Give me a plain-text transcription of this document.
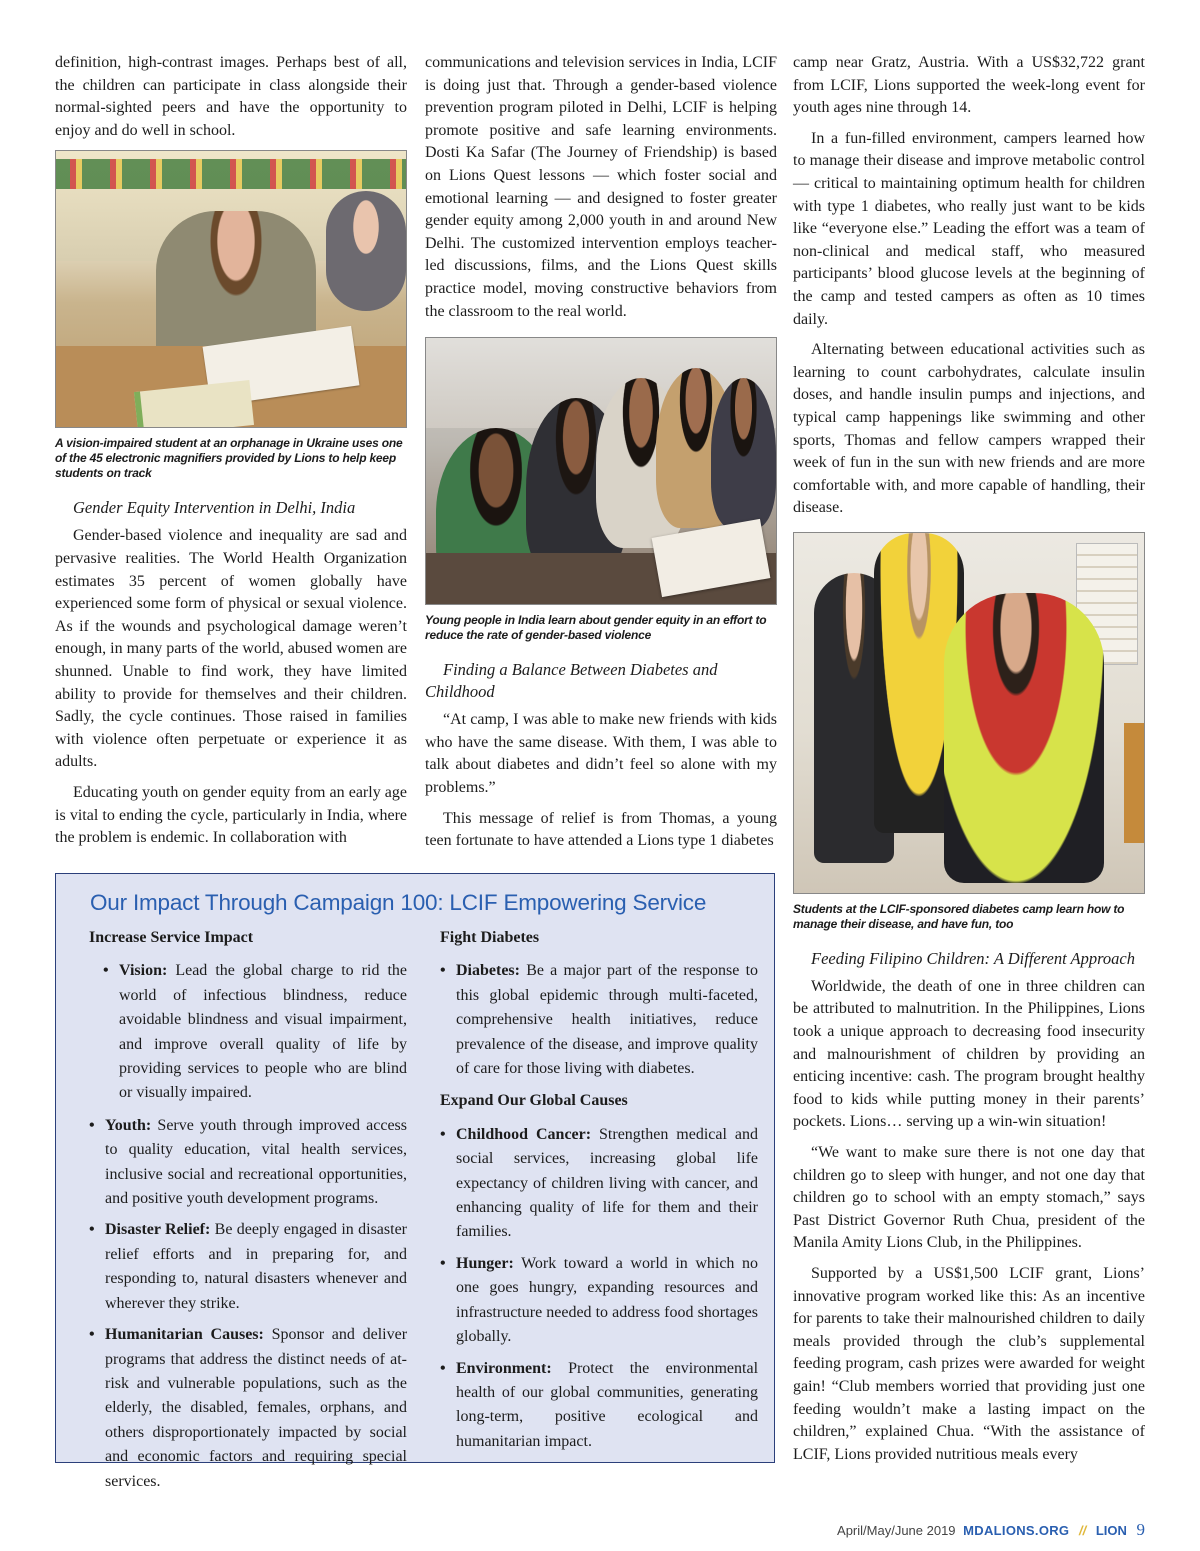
definition, high-contrast images. Perhaps best of all, the children can participate in class alongside their normal-sighted peers and have the opportunity to enjoy and do well in school.

A vision-impaired student at an orphanage in Ukraine uses one of the 45 electronic magnifiers provided by Lions to help keep students on track
Gender Equity Intervention in Delhi, India

Gender-based violence and inequality are sad and pervasive realities. The World Health Organization estimates 35 percent of women globally have experienced some form of physical or sexual violence. As if the wounds and psychological damage weren’t enough, in many parts of the world, abused women are shunned. Unable to find work, they have limited ability to provide for themselves and their children. Sadly, the cycle continues. Those raised in families with violence often perpetuate or experience it as adults.

Educating youth on gender equity from an early age is vital to ending the cycle, particularly in India, where the problem is endemic. In collaboration with

communications and television services in India, LCIF is doing just that. Through a gender-based violence prevention program piloted in Delhi, LCIF is helping promote positive and safe learning environments. Dosti Ka Safar (The Journey of Friendship) is based on Lions Quest lessons — which foster social and emotional learning — and designed to foster greater gender equity among 2,000 youth in and around New Delhi. The customized intervention employs teacher-led discussions, films, and the Lions Quest skills practice model, moving constructive behaviors from the classroom to the real world.

Young people in India learn about gender equity in an effort to reduce the rate of gender-based violence
Finding a Balance Between Diabetes and Childhood

“At camp, I was able to make new friends with kids who have the same disease. With them, I was able to talk about diabetes and didn’t feel so alone with my problems.”

This message of relief is from Thomas, a young teen fortunate to have attended a Lions type 1 diabetes

camp near Gratz, Austria. With a US$32,722 grant from LCIF, Lions supported the week-long event for youth ages nine through 14.

In a fun-filled environment, campers learned how to manage their disease and improve metabolic control — critical to maintaining optimum health for children with type 1 diabetes, who really just want to be kids like “everyone else.” Leading the effort was a team of non-clinical and medical staff, who measured participants’ blood glucose levels at the beginning of the camp and tested campers as often as 10 times daily.

Alternating between educational activities such as learning to count carbohydrates, calculate insulin doses, and handle insulin pumps and injections, and typical camp happenings like swimming and other sports, Thomas and fellow campers wrapped their week of fun in the sun with new friends and are more comfortable with, and more capable of handling, their disease.

Students at the LCIF-sponsored diabetes camp learn how to manage their disease, and have fun, too
Feeding Filipino Children: A Different Approach

Worldwide, the death of one in three children can be attributed to malnutrition. In the Philippines, Lions took a unique approach to decreasing food insecurity and malnourishment of children by providing an enticing incentive: cash. The program brought healthy food to kids while putting money in their parents’ pockets. Lions… serving up a win-win situation!

“We want to make sure there is not one day that children go to sleep with hunger, and not one day that children go to school with an empty stomach,” says Past District Governor Ruth Chua, president of the Manila Amity Lions Club, in the Philippines.

Supported by a US$1,500 LCIF grant, Lions’ innovative program worked like this: As an incentive for parents to take their malnourished children to daily meals provided through the club’s supplemental feeding program, cash prizes were awarded for weight gain! “Club members worried that providing just one feeding wouldn’t make a lasting impact on the children,” explained Chua. “With the assistance of LCIF, Lions provided nutritious meals every

Our Impact Through Campaign 100: LCIF Empowering Service
Increase Service Impact
• Vision: Lead the global charge to rid the world of infectious blindness, reduce avoidable blindness and visual impairment, and improve overall quality of life by providing services to people who are blind or visually impaired.
• Youth: Serve youth through improved access to quality education, vital health services, inclusive social and recreational opportunities, and positive youth development programs.
• Disaster Relief: Be deeply engaged in disaster relief efforts and in preparing for, and responding to, natural disasters whenever and wherever they strike.
• Humanitarian Causes: Sponsor and deliver programs that address the distinct needs of at-risk and vulnerable populations, such as the elderly, the disabled, females, orphans, and others disproportionately impacted by social and economic factors and requiring special services.
Fight Diabetes
• Diabetes: Be a major part of the response to this global epidemic through multi-faceted, comprehensive health initiatives, reduce prevalence of the disease, and improve quality of care for those living with diabetes.
Expand Our Global Causes
• Childhood Cancer: Strengthen medical and social services, increasing global life expectancy of children living with cancer, and enhancing quality of life for them and their families.
• Hunger: Work toward a world in which no one goes hungry, expanding resources and infrastructure needed to address food shortages globally.
• Environment: Protect the environmental health of our global communities, generating long-term, positive ecological and humanitarian impact.
April/May/June 2019 MDALIONS.ORG // LION 9
